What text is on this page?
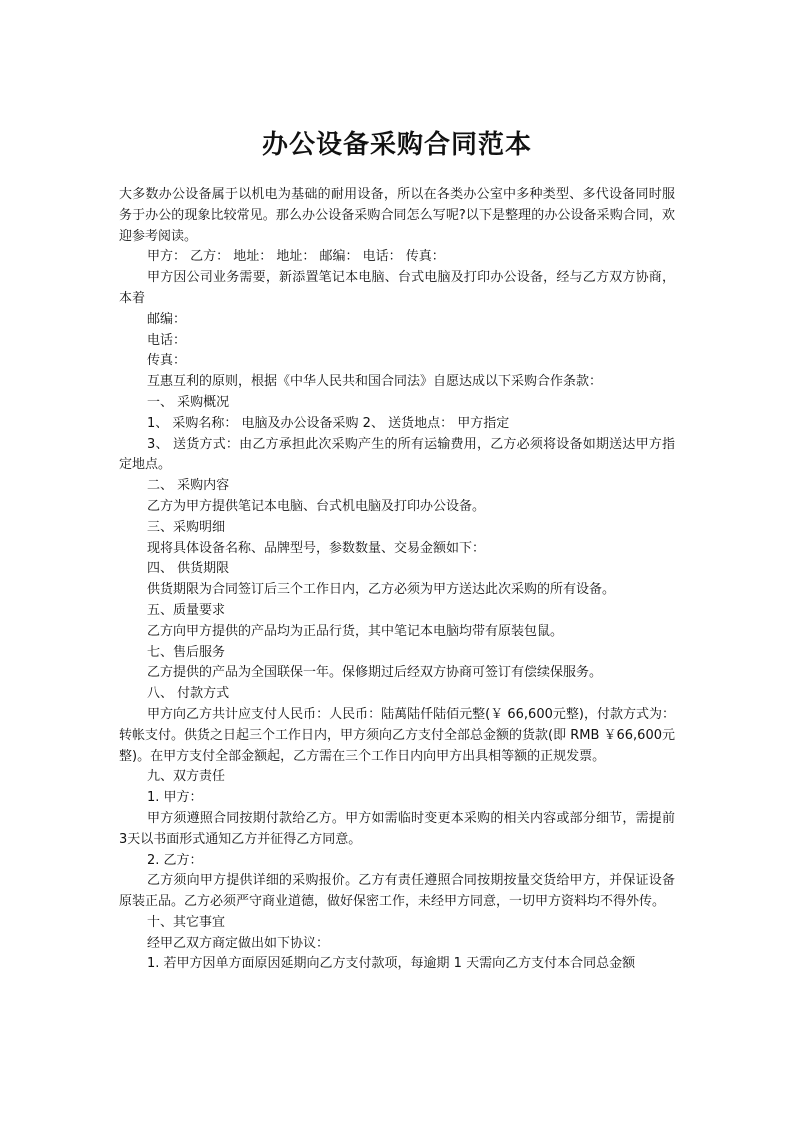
办公设备采购合同范本

大多数办公设备属于以机电为基础的耐用设备，所以在各类办公室中多种类型、多代设备同时服务于办公的现象比较常见。那么办公设备采购合同怎么写呢?以下是整理的办公设备采购合同，欢迎参考阅读。

甲方： 乙方： 地址： 地址： 邮编： 电话： 传真：

甲方因公司业务需要，新添置笔记本电脑、台式电脑及打印办公设备，经与乙方双方协商，本着

邮编：

电话：

传真：

互惠互利的原则，根据《中华人民共和国合同法》自愿达成以下采购合作条款：

一、 采购概况

1、 采购名称： 电脑及办公设备采购 2、 送货地点： 甲方指定

3、 送货方式：由乙方承担此次采购产生的所有运输费用，乙方必须将设备如期送达甲方指定地点。

二、 采购内容

乙方为甲方提供笔记本电脑、台式机电脑及打印办公设备。

三、采购明细

现将具体设备名称、品牌型号，参数数量、交易金额如下：

四、 供货期限

供货期限为合同签订后三个工作日内，乙方必须为甲方送达此次采购的所有设备。

五、质量要求

乙方向甲方提供的产品均为正品行货，其中笔记本电脑均带有原装包鼠。

七、售后服务

乙方提供的产品为全国联保一年。保修期过后经双方协商可签订有偿续保服务。

八、 付款方式

甲方向乙方共计应支付人民币：人民币：陆萬陆仟陆佰元整(￥ 66,600元整)，付款方式为：转帐支付。供货之日起三个工作日内，甲方须向乙方支付全部总金额的货款(即 RMB ￥66,600元整)。在甲方支付全部金额起，乙方需在三个工作日内向甲方出具相等额的正规发票。

九、双方责任

1. 甲方：

甲方须遵照合同按期付款给乙方。甲方如需临时变更本采购的相关内容或部分细节，需提前3天以书面形式通知乙方并征得乙方同意。

2. 乙方：

乙方须向甲方提供详细的采购报价。乙方有责任遵照合同按期按量交货给甲方，并保证设备原装正品。乙方必须严守商业道德，做好保密工作，未经甲方同意，一切甲方资料均不得外传。

十、其它事宜

经甲乙双方商定做出如下协议：

1. 若甲方因单方面原因延期向乙方支付款项，每逾期 1 天需向乙方支付本合同总金额
